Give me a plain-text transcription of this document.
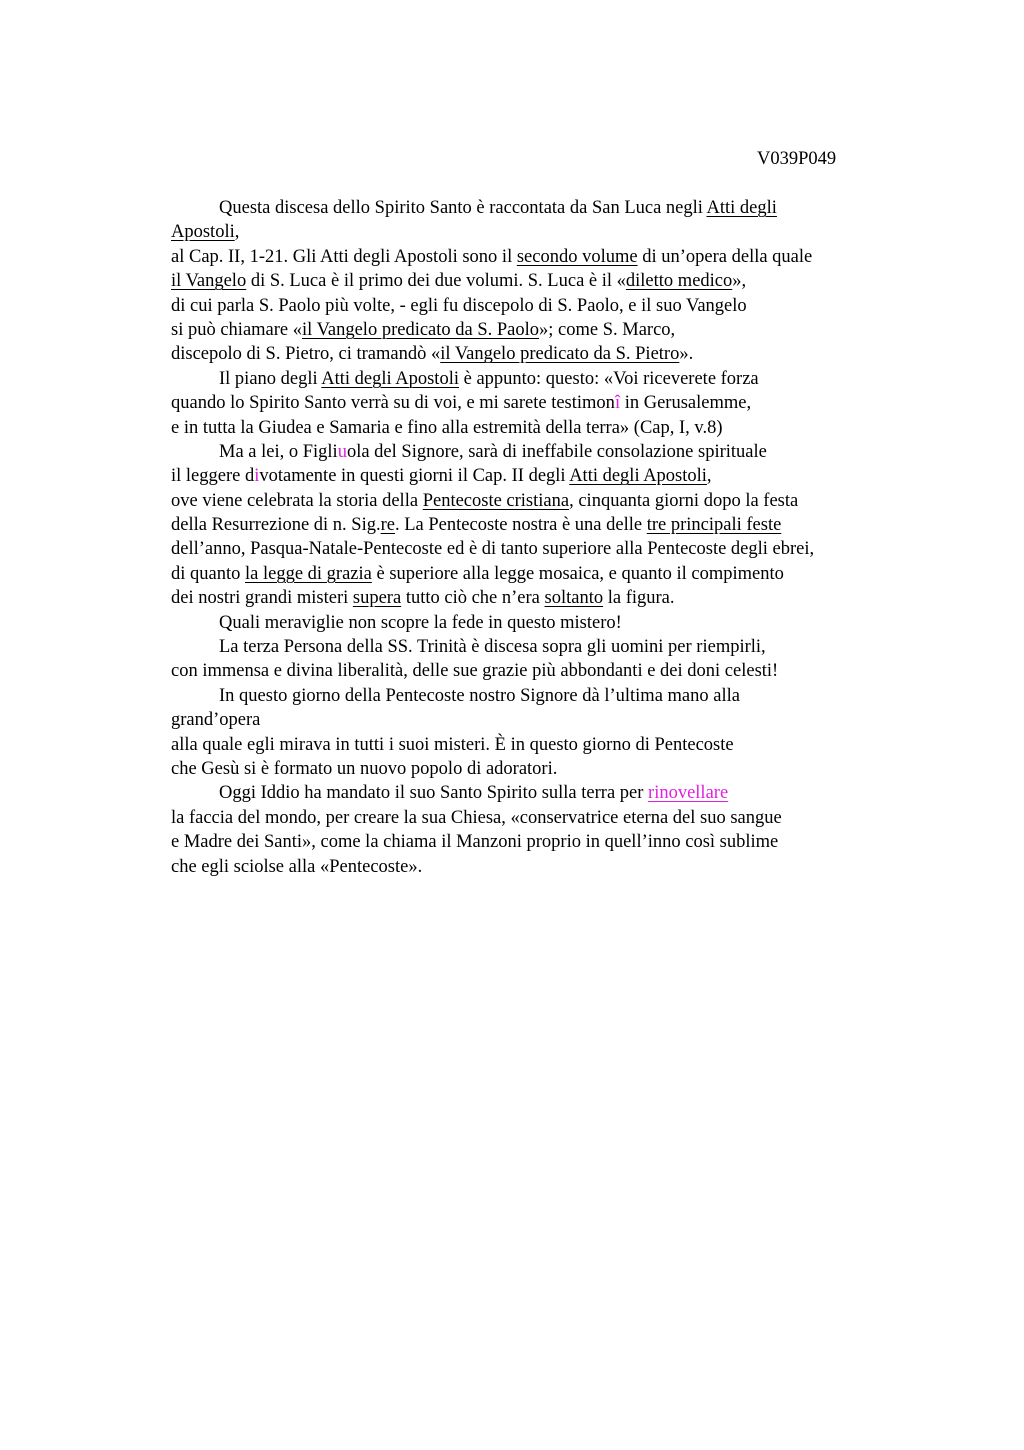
V039P049
Questa discesa dello Spirito Santo è raccontata da San Luca negli Atti degli
Apostoli,
al Cap. II, 1-21. Gli Atti degli Apostoli sono il secondo volume di un’opera della quale
il Vangelo di S. Luca è il primo dei due volumi. S. Luca è il «diletto medico»,
di cui parla S. Paolo più volte, - egli fu discepolo di S. Paolo, e il suo Vangelo
si può chiamare «il Vangelo predicato da S. Paolo»; come S. Marco,
discepolo di S. Pietro, ci tramandò «il Vangelo predicato da S. Pietro».
Il piano degli Atti degli Apostoli è appunto: questo: «Voi riceverete forza
quando lo Spirito Santo verrà su di voi, e mi sarete testimonî in Gerusalemme,
e in tutta la Giudea e Samaria e fino alla estremità della terra» (Cap, I, v.8)
Ma a lei, o Figliuola del Signore, sarà di ineffabile consolazione spirituale
il leggere divotamente in questi giorni il Cap. II degli Atti degli Apostoli,
ove viene celebrata la storia della Pentecoste cristiana, cinquanta giorni dopo la festa
della Resurrezione di n. Sig.re. La Pentecoste nostra è una delle tre principali feste
dell’anno, Pasqua-Natale-Pentecoste ed è di tanto superiore alla Pentecoste degli ebrei,
di quanto la legge di grazia è superiore alla legge mosaica, e quanto il compimento
dei nostri grandi misteri supera tutto ciò che n’era soltanto la figura.
Quali meraviglie non scopre la fede in questo mistero!
La terza Persona della SS. Trinità è discesa sopra gli uomini per riempirli,
con immensa e divina liberalità, delle sue grazie più abbondanti e dei doni celesti!
In questo giorno della Pentecoste nostro Signore dà l’ultima mano alla
grand’opera
alla quale egli mirava in tutti i suoi misteri. È in questo giorno di Pentecoste
che Gesù si è formato un nuovo popolo di adoratori.
Oggi Iddio ha mandato il suo Santo Spirito sulla terra per rinovellare
la faccia del mondo, per creare la sua Chiesa, «conservatrice eterna del suo sangue
e Madre dei Santi», come la chiama il Manzoni proprio in quell’inno così sublime
che egli sciolse alla «Pentecoste».
